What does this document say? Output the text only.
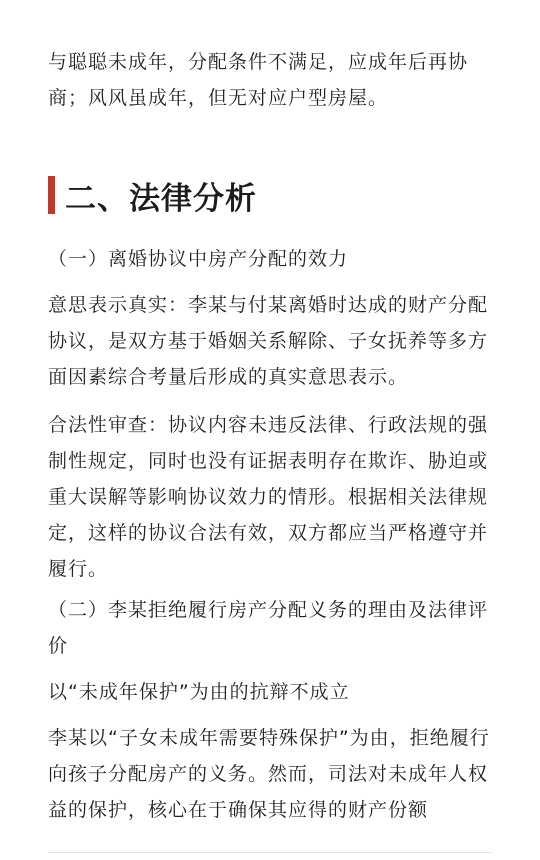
与聪聪未成年，分配条件不满足，应成年后再协商；风风虽成年，但无对应户型房屋。

二、法律分析

（一）离婚协议中房产分配的效力

意思表示真实：李某与付某离婚时达成的财产分配协议，是双方基于婚姻关系解除、子女抚养等多方面因素综合考量后形成的真实意思表示。

合法性审查：协议内容未违反法律、行政法规的强制性规定，同时也没有证据表明存在欺诈、胁迫或重大误解等影响协议效力的情形。根据相关法律规定，这样的协议合法有效，双方都应当严格遵守并履行。

（二）李某拒绝履行房产分配义务的理由及法律评价

以“未成年保护”为由的抗辩不成立

李某以“子女未成年需要特殊保护”为由，拒绝履行向孩子分配房产的义务。然而，司法对未成年人权益的保护，核心在于确保其应得的财产份额
